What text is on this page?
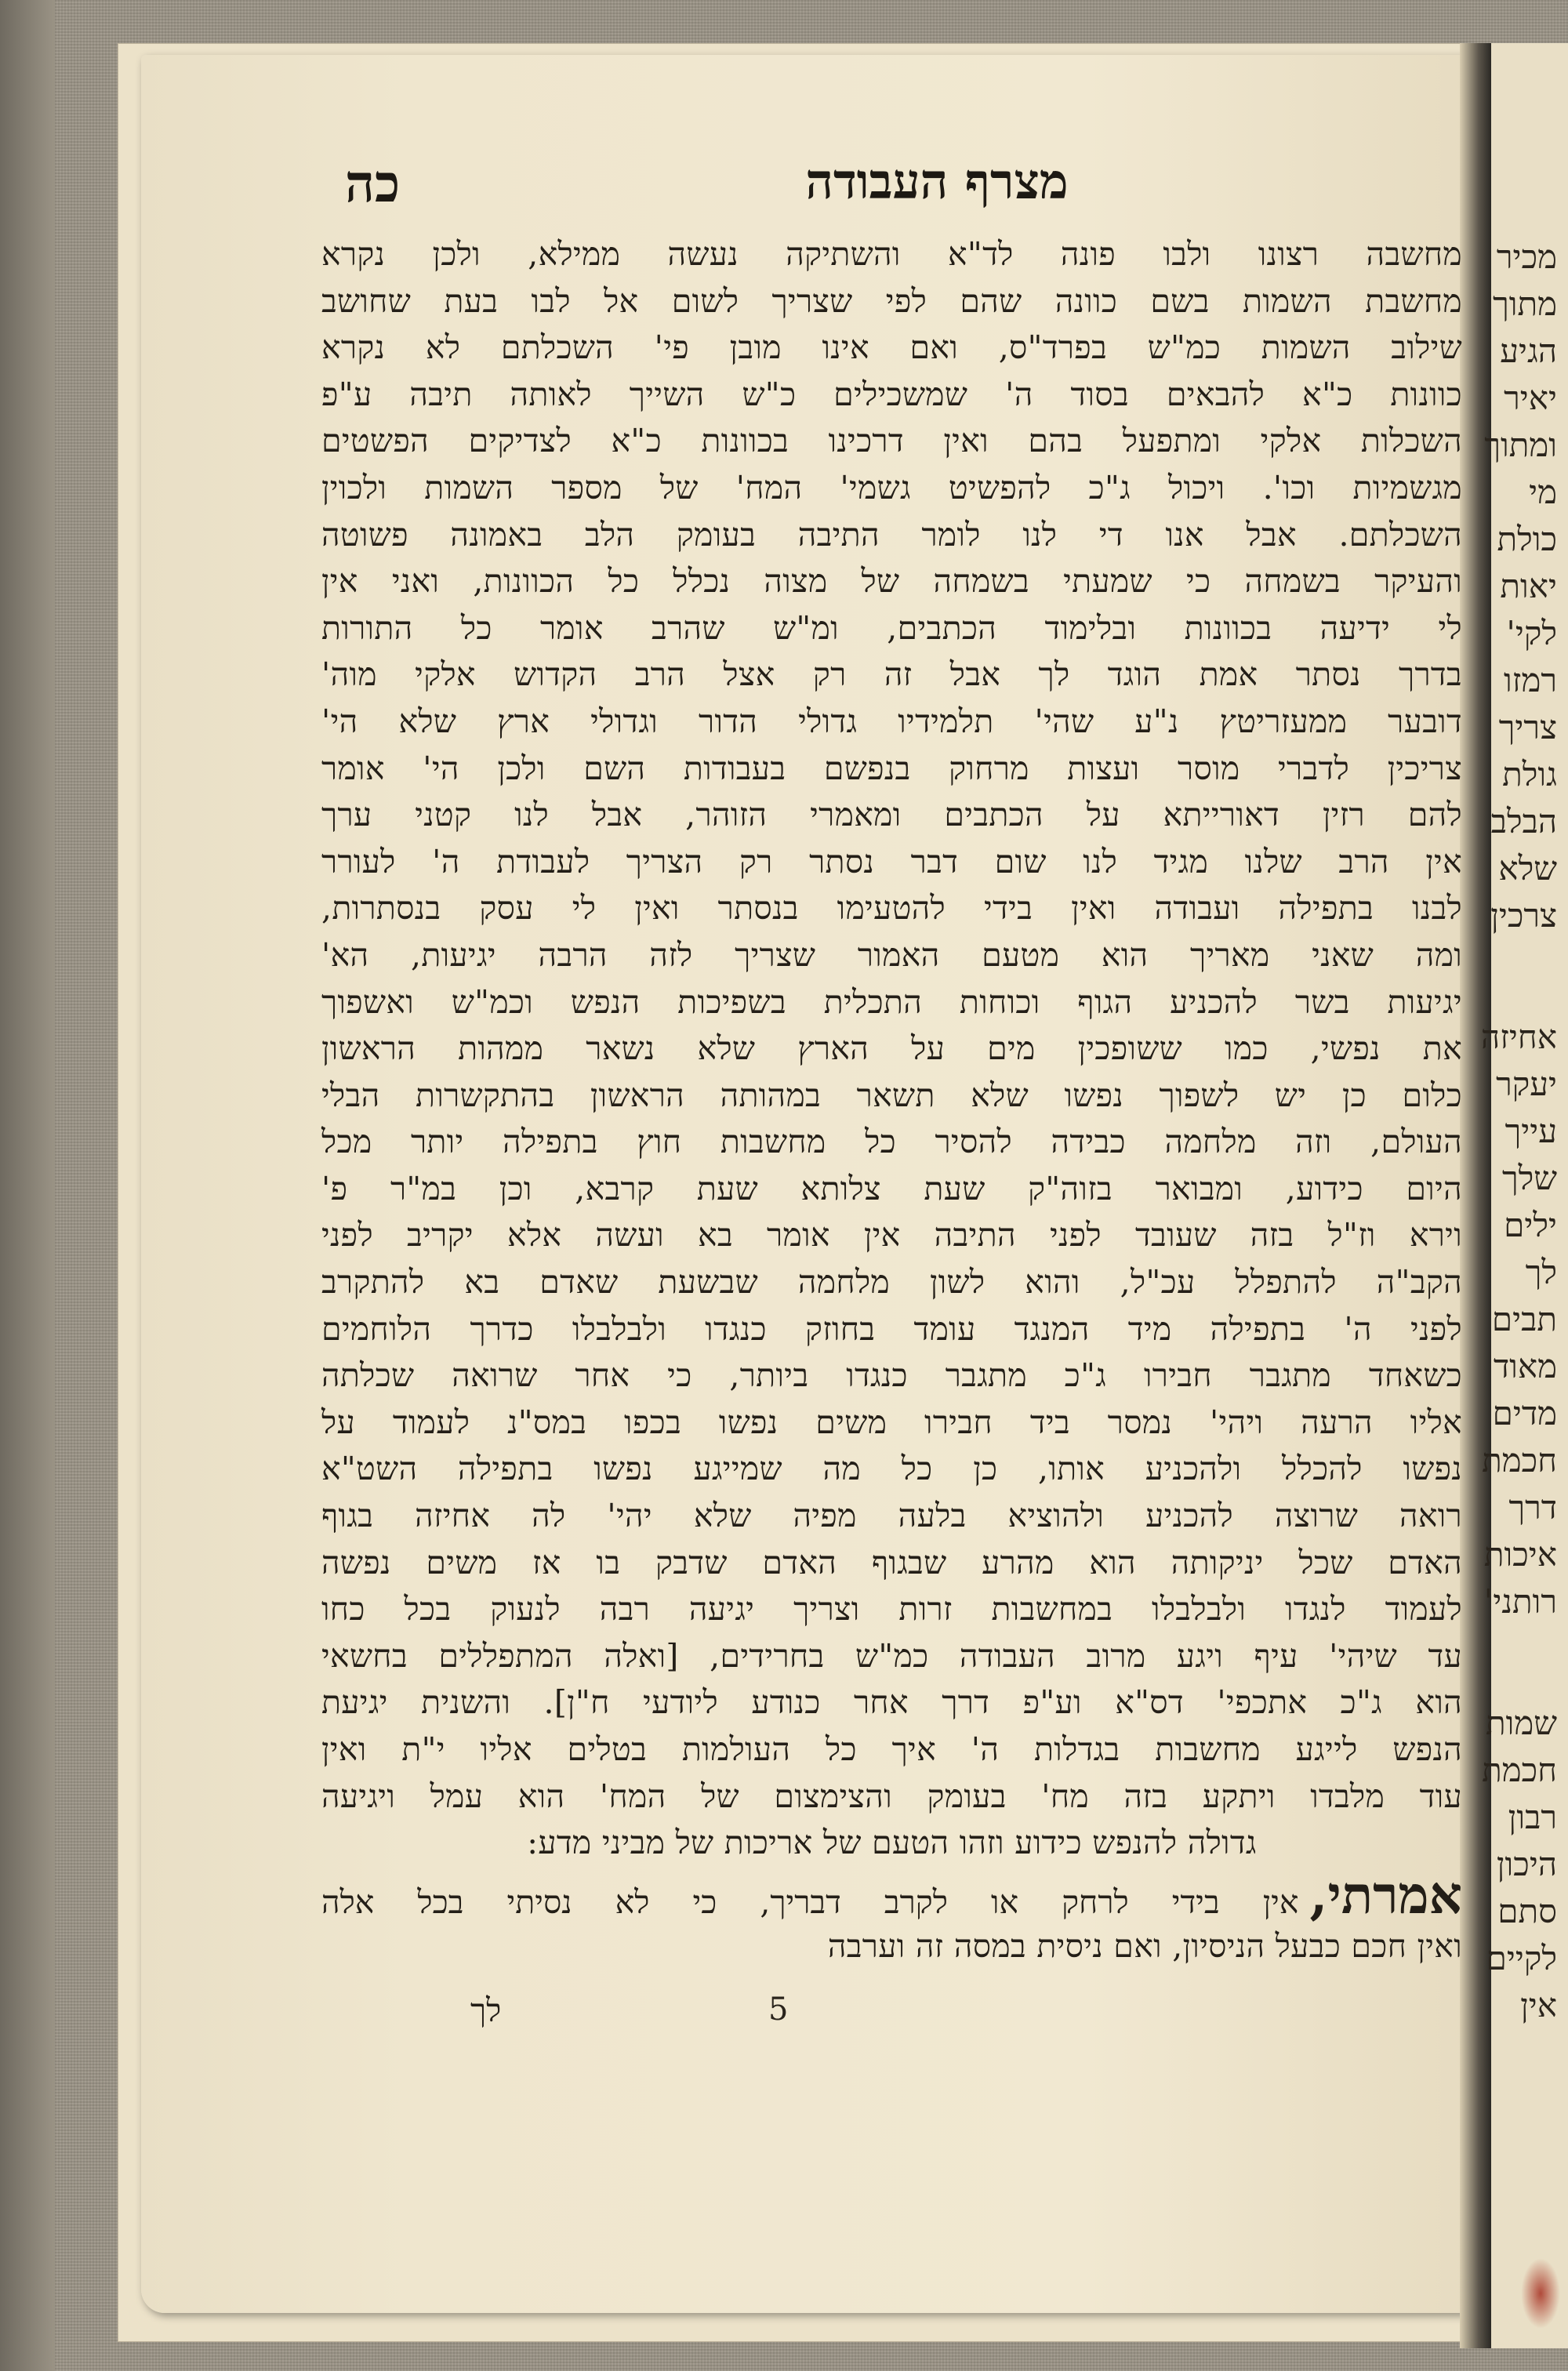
מכיר
מתוך
הגיע
יאיר
ומתוך
מי
כולת
יאות
לקי'
רמזו
צריך
גולת
הבלב
שלא
צרכין
אחיזה
יעקר
עייך
שלך
ילים
לך
תבים
מאוד
מדים
חכמת
דרך
איכות
רותני'
שמות
חכמת
רבון
היכון
סתם
לקיים
אין
כה	מצרף העבודה
מחשבה רצונו ולבו פונה לד"א והשתיקה נעשה ממילא, ולכן נקרא
מחשבת השמות בשם כוונה שהם לפי שצריך לשום אל לבו בעת שחושב
שילוב השמות כמ"ש בפרד"ס, ואם אינו מובן פי' השכלתם לא נקרא
כוונות כ"א להבאים בסוד ה' שמשכילים כ"ש השייך לאותה תיבה ע"פ
השכלות אלקי ומתפעל בהם ואין דרכינו בכוונות כ"א לצדיקים הפשטים
מגשמיות וכו'. ויכול ג"כ להפשיט גשמי' המח' של מספר השמות ולכוין
השכלתם. אבל אנו די לנו לומר התיבה בעומק הלב באמונה פשוטה
והעיקר בשמחה כי שמעתי בשמחה של מצוה נכלל כל הכוונות, ואני אין
לי ידיעה בכוונות ובלימוד הכתבים, ומ"ש שהרב אומר כל התורות
בדרך נסתר אמת הוגד לך אבל זה רק אצל הרב הקדוש אלקי מוה'
דובער ממעזריטץ נ"ע שהי' תלמידיו גדולי הדור וגדולי ארץ שלא הי'
צריכין לדברי מוסר ועצות מרחוק בנפשם בעבודות השם ולכן הי' אומר
להם רזין דאורייתא על הכתבים ומאמרי הזוהר, אבל לנו קטני ערך
אין הרב שלנו מגיד לנו שום דבר נסתר רק הצריך לעבודת ה' לעורר
לבנו בתפילה ועבודה ואין בידי להטעימו בנסתר ואין לי עסק בנסתרות,
ומה שאני מאריך הוא מטעם האמור שצריך לזה הרבה יגיעות, הא'
יגיעות בשר להכניע הגוף וכוחות התכלית בשפיכות הנפש וכמ"ש ואשפוך
את נפשי, כמו ששופכין מים על הארץ שלא נשאר ממהות הראשון
כלום כן יש לשפוך נפשו שלא תשאר במהותה הראשון בהתקשרות הבלי
העולם, וזה מלחמה כבידה להסיר כל מחשבות חוץ בתפילה יותר מכל
היום כידוע, ומבואר בזוה"ק שעת צלותא שעת קרבא, וכן במ"ר פ'
וירא וז"ל בזה שעובד לפני התיבה אין אומר בא ועשה אלא יקריב לפני
הקב"ה להתפלל עכ"ל, והוא לשון מלחמה שבשעת שאדם בא להתקרב
לפני ה' בתפילה מיד המנגד עומד בחוזק כנגדו ולבלבלו כדרך הלוחמים
כשאחד מתגבר חבירו ג"כ מתגבר כנגדו ביותר, כי אחר שרואה שכלתה
אליו הרעה ויהי' נמסר ביד חבירו משים נפשו בכפו במס"נ לעמוד על
נפשו להכלל ולהכניע אותו, כן כל מה שמייגע נפשו בתפילה השט"א
רואה שרוצה להכניע ולהוציא בלעה מפיה שלא יהי' לה אחיזה בגוף
האדם שכל יניקותה הוא מהרע שבגוף האדם שדבק בו אז משים נפשה
לעמוד לנגדו ולבלבלו במחשבות זרות וצריך יגיעה רבה לנעוק בכל כחו
עד שיהי' עיף ויגע מרוב העבודה כמ"ש בחרידים, [ואלה המתפללים בחשאי
הוא ג"כ אתכפי' דס"א וע"פ דרך אחר כנודע ליודעי ח"ן]. והשנית יגיעת
הנפש לייגע מחשבות בגדלות ה' איך כל העולמות בטלים אליו י"ת ואין
עוד מלבדו ויתקע בזה מח' בעומק והצימצום של המח' הוא עמל ויגיעה
גדולה להנפש כידוע וזהו הטעם של אריכות של מביני מדע:
אמרתי,אין בידי לרחק או לקרב דבריך, כי לא נסיתי בכל אלה
ואין חכם כבעל הניסיון, ואם ניסית במסה זה וערבה
לך	5
